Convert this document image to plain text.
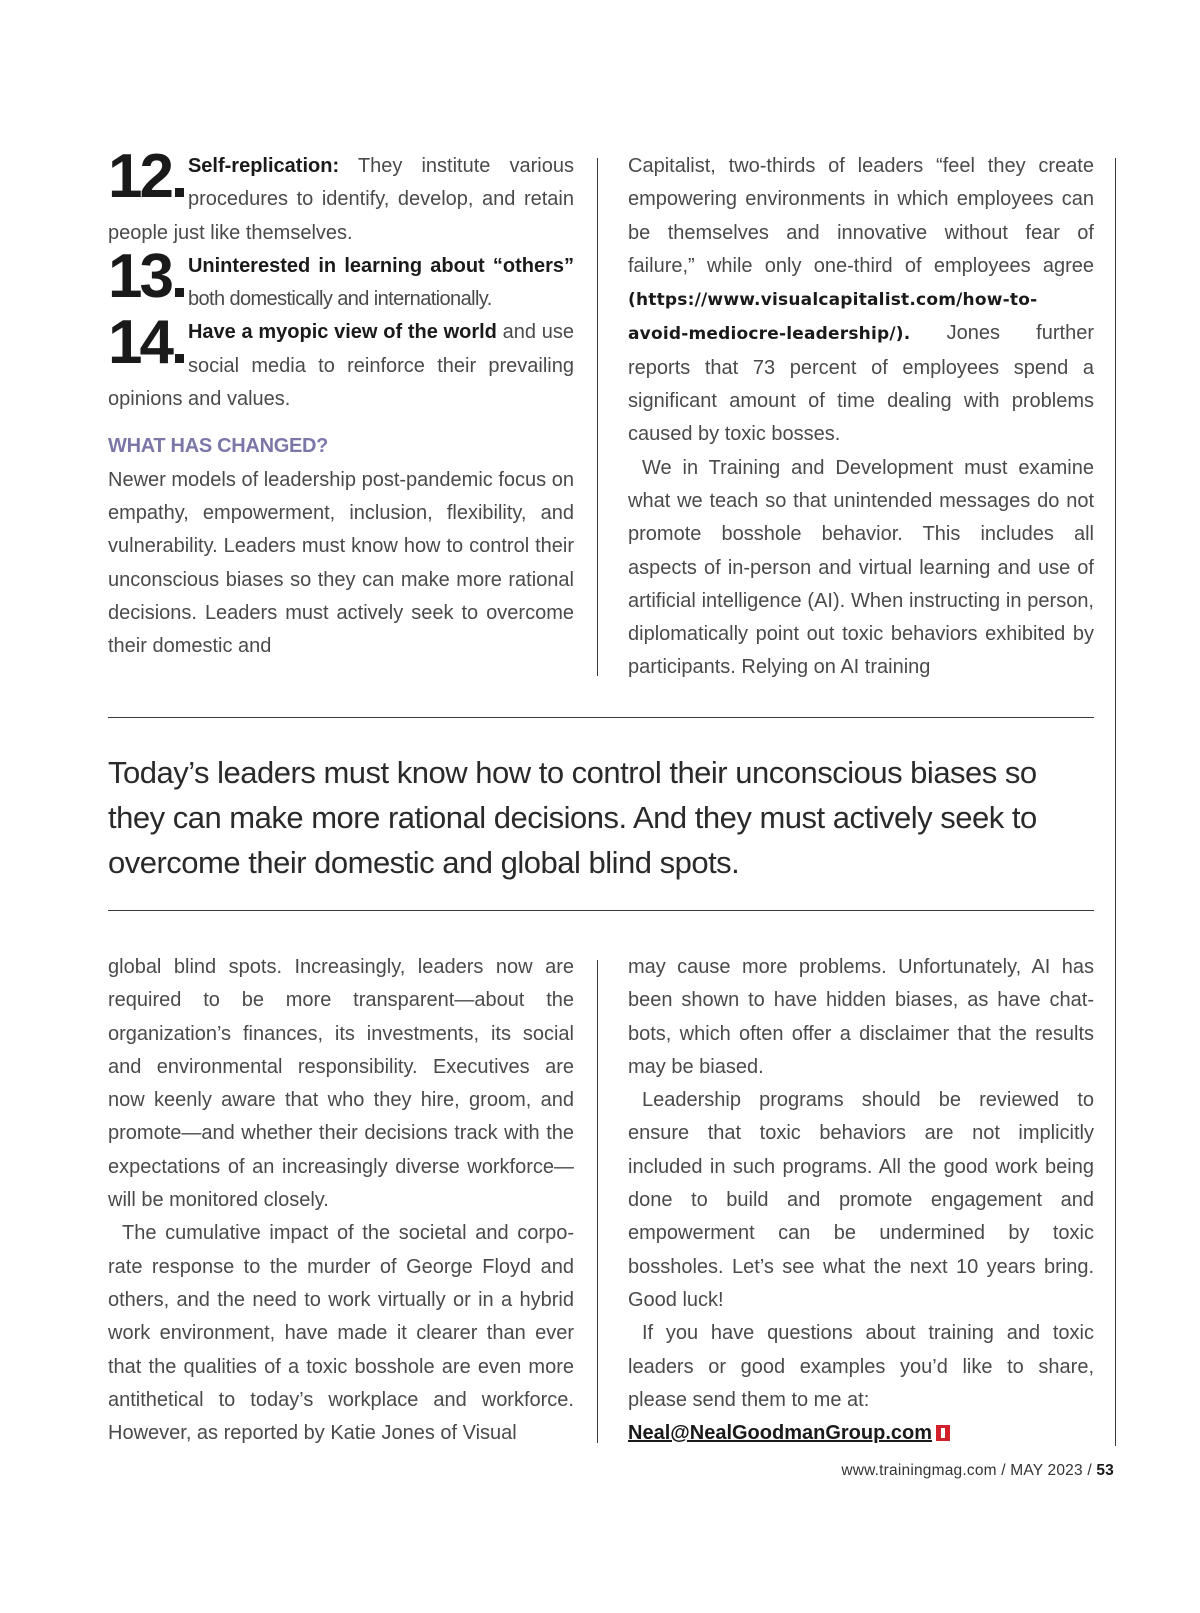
12 Self-replication: They institute various procedures to identify, develop, and retain people just like themselves.

13 Uninterested in learning about “others” both domestically and internationally.

14 Have a myopic view of the world and use social media to reinforce their prevailing opinions and values.

WHAT HAS CHANGED?

Newer models of leadership post-pandemic focus on empathy, empowerment, inclusion, flexibility, and vulnerability. Leaders must know how to control their unconscious biases so they can make more rational decisions. Leaders must actively seek to overcome their domestic and

Capitalist, two-thirds of leaders “feel they create empowering environments in which employees can be themselves and innovative without fear of failure,” while only one-third of employees agree (https://www.visualcapitalist.com/how-to-avoid-mediocre-leadership/). Jones further reports that 73 percent of employees spend a significant amount of time dealing with problems caused by toxic bosses.

We in Training and Development must examine what we teach so that unintended messages do not promote bosshole behavior. This includes all aspects of in-person and virtual learning and use of artificial intelligence (AI). When instructing in person, diplomatically point out toxic behaviors exhibited by participants. Relying on AI training

Today’s leaders must know how to control their unconscious biases so they can make more rational decisions. And they must actively seek to overcome their domestic and global blind spots.

global blind spots. Increasingly, leaders now are required to be more transparent—about the organization’s finances, its investments, its social and environmental responsibility. Executives are now keenly aware that who they hire, groom, and promote—and whether their decisions track with the expectations of an increasingly diverse workforce—will be monitored closely.

The cumulative impact of the societal and corporate response to the murder of George Floyd and others, and the need to work virtually or in a hybrid work environment, have made it clearer than ever that the qualities of a toxic bosshole are even more antithetical to today’s workplace and workforce. However, as reported by Katie Jones of Visual

may cause more problems. Unfortunately, AI has been shown to have hidden biases, as have chatbots, which often offer a disclaimer that the results may be biased.

Leadership programs should be reviewed to ensure that toxic behaviors are not implicitly included in such programs. All the good work being done to build and promote engagement and empowerment can be undermined by toxic bossholes. Let’s see what the next 10 years bring. Good luck!

If you have questions about training and toxic leaders or good examples you’d like to share, please send them to me at:

Neal@NealGoodmanGroup.com

www.trainingmag.com / MAY 2023 / 53
